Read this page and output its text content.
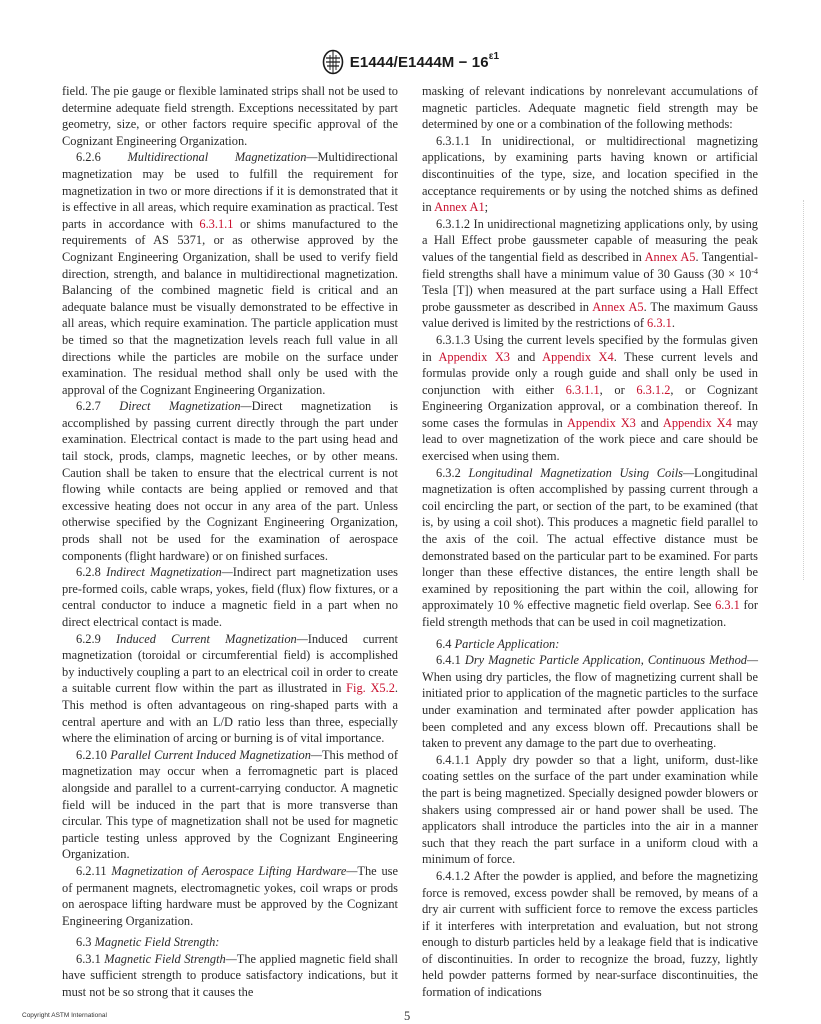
$E1444/E1444M - 16^{\varepsilon 1}$

field. The pie gauge or flexible laminated strips shall not be used to determine adequate field strength. Exceptions necessitated by part geometry, size, or other factors require specific approval of the Cognizant Engineering Organization.

6.2.6 Multidirectional Magnetization—Multidirectional magnetization may be used to fulfill the requirement for magnetization in two or more directions if it is demonstrated that it is effective in all areas, which require examination as practical. Test parts in accordance with 6.3.1.1 or shims manufactured to the requirements of AS 5371, or as otherwise approved by the Cognizant Engineering Organization, shall be used to verify field direction, strength, and balance in multidirectional magnetization. Balancing of the combined magnetic field is critical and an adequate balance must be visually demonstrated to be effective in all areas, which require examination. The particle application must be timed so that the magnetization levels reach full value in all directions while the particles are mobile on the surface under examination. The residual method shall only be used with the approval of the Cognizant Engineering Organization.

6.2.7 Direct Magnetization—Direct magnetization is accomplished by passing current directly through the part under examination. Electrical contact is made to the part using head and tail stock, prods, clamps, magnetic leeches, or by other means. Caution shall be taken to ensure that the electrical current is not flowing while contacts are being applied or removed and that excessive heating does not occur in any area of the part. Unless otherwise specified by the Cognizant Engineering Organization, prods shall not be used for the examination of aerospace components (flight hardware) or on finished surfaces.

6.2.8 Indirect Magnetization—Indirect part magnetization uses pre-formed coils, cable wraps, yokes, field (flux) flow fixtures, or a central conductor to induce a magnetic field in a part when no direct electrical contact is made.

6.2.9 Induced Current Magnetization—Induced current magnetization (toroidal or circumferential field) is accomplished by inductively coupling a part to an electrical coil in order to create a suitable current flow within the part as illustrated in Fig. X5.2. This method is often advantageous on ring-shaped parts with a central aperture and with an L/D ratio less than three, especially where the elimination of arcing or burning is of vital importance.

6.2.10 Parallel Current Induced Magnetization—This method of magnetization may occur when a ferromagnetic part is placed alongside and parallel to a current-carrying conductor. A magnetic field will be induced in the part that is more transverse than circular. This type of magnetization shall not be used for magnetic particle testing unless approved by the Cognizant Engineering Organization.

6.2.11 Magnetization of Aerospace Lifting Hardware—The use of permanent magnets, electromagnetic yokes, coil wraps or prods on aerospace lifting hardware must be approved by the Cognizant Engineering Organization.

6.3 Magnetic Field Strength:

6.3.1 Magnetic Field Strength—The applied magnetic field shall have sufficient strength to produce satisfactory indications, but it must not be so strong that it causes the

masking of relevant indications by nonrelevant accumulations of magnetic particles. Adequate magnetic field strength may be determined by one or a combination of the following methods:

6.3.1.1 In unidirectional, or multidirectional magnetizing applications, by examining parts having known or artificial discontinuities of the type, size, and location specified in the acceptance requirements or by using the notched shims as defined in Annex A1;

6.3.1.2 In unidirectional magnetizing applications only, by using a Hall Effect probe gaussmeter capable of measuring the peak values of the tangential field as described in Annex A5. Tangential-field strengths shall have a minimum value of 30 Gauss ($30 \times 10^{-4}$ Tesla [T]) when measured at the part surface using a Hall Effect probe gaussmeter as described in Annex A5. The maximum Gauss value derived is limited by the restrictions of 6.3.1.

6.3.1.3 Using the current levels specified by the formulas given in Appendix X3 and Appendix X4. These current levels and formulas provide only a rough guide and shall only be used in conjunction with either 6.3.1.1, or 6.3.1.2, or Cognizant Engineering Organization approval, or a combination thereof. In some cases the formulas in Appendix X3 and Appendix X4 may lead to over magnetization of the work piece and care should be exercised when using them.

6.3.2 Longitudinal Magnetization Using Coils—Longitudinal magnetization is often accomplished by passing current through a coil encircling the part, or section of the part, to be examined (that is, by using a coil shot). This produces a magnetic field parallel to the axis of the coil. The actual effective distance must be demonstrated based on the particular part to be examined. For parts longer than these effective distances, the entire length shall be examined by repositioning the part within the coil, allowing for approximately 10 % effective magnetic field overlap. See 6.3.1 for field strength methods that can be used in coil magnetization.

6.4 Particle Application:

6.4.1 Dry Magnetic Particle Application, Continuous Method—When using dry particles, the flow of magnetizing current shall be initiated prior to application of the magnetic particles to the surface under examination and terminated after powder application has been completed and any excess blown off. Precautions shall be taken to prevent any damage to the part due to overheating.

6.4.1.1 Apply dry powder so that a light, uniform, dust-like coating settles on the surface of the part under examination while the part is being magnetized. Specially designed powder blowers or shakers using compressed air or hand power shall be used. The applicators shall introduce the particles into the air in a manner such that they reach the part surface in a uniform cloud with a minimum of force.

6.4.1.2 After the powder is applied, and before the magnetizing force is removed, excess powder shall be removed, by means of a dry air current with sufficient force to remove the excess particles if it interferes with interpretation and evaluation, but not strong enough to disturb particles held by a leakage field that is indicative of discontinuities. In order to recognize the broad, fuzzy, lightly held powder patterns formed by near-surface discontinuities, the formation of indications

Copyright ASTM International	5
